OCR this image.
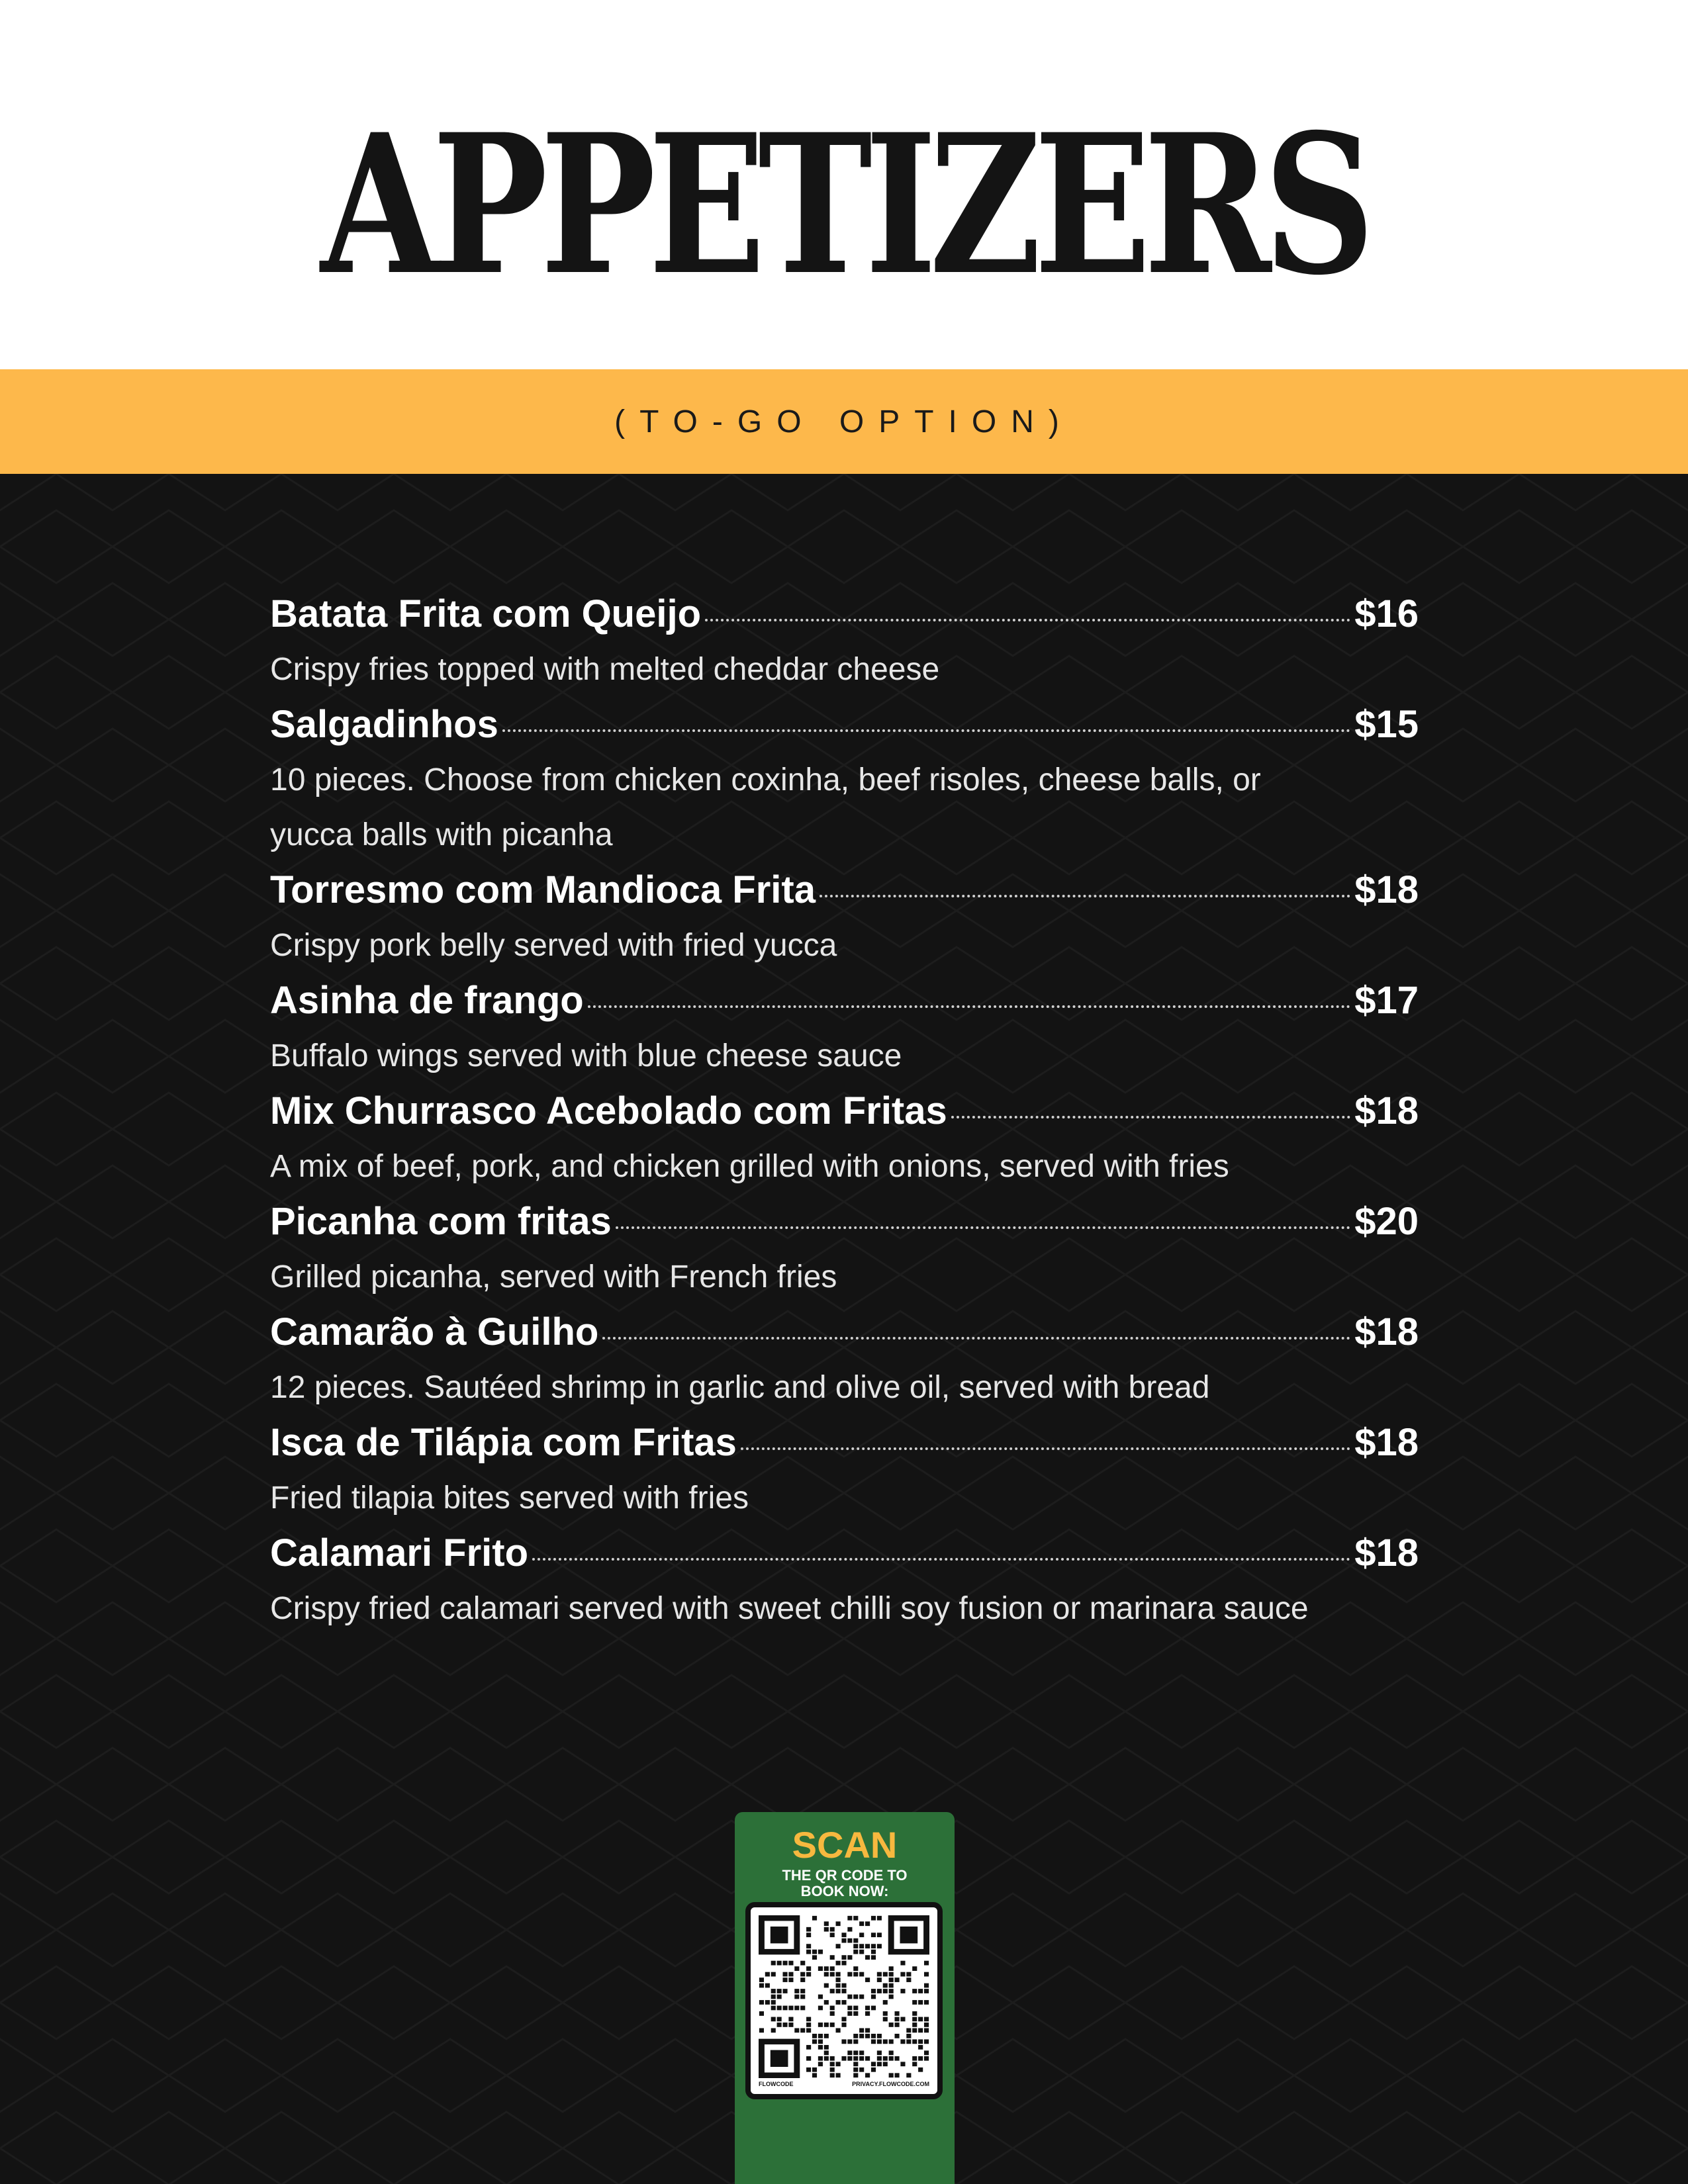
APPETIZERS
(TO-GO OPTION)
Batata Frita com Queijo	$16
Crispy fries topped with melted cheddar cheese
Salgadinhos	$15
10 pieces. Choose from chicken coxinha, beef risoles, cheese balls, or
yucca balls with picanha
Torresmo com Mandioca Frita	$18
Crispy pork belly served with fried yucca
Asinha de frango	$17
Buffalo wings served with blue cheese sauce
Mix Churrasco Acebolado com Fritas	$18
A mix of beef, pork, and chicken grilled with onions, served with fries
Picanha com fritas	$20
Grilled picanha, served with French fries
Camarão à Guilho	$18
12 pieces. Sautéed shrimp in garlic and olive oil, served with bread
Isca de Tilápia com Fritas	$18
Fried tilapia bites served with fries
Calamari Frito	$18
Crispy fried calamari served with sweet chilli soy fusion or marinara sauce
SCAN
THE QR CODE TO
BOOK NOW:
FLOWCODE	PRIVACY.FLOWCODE.COM
